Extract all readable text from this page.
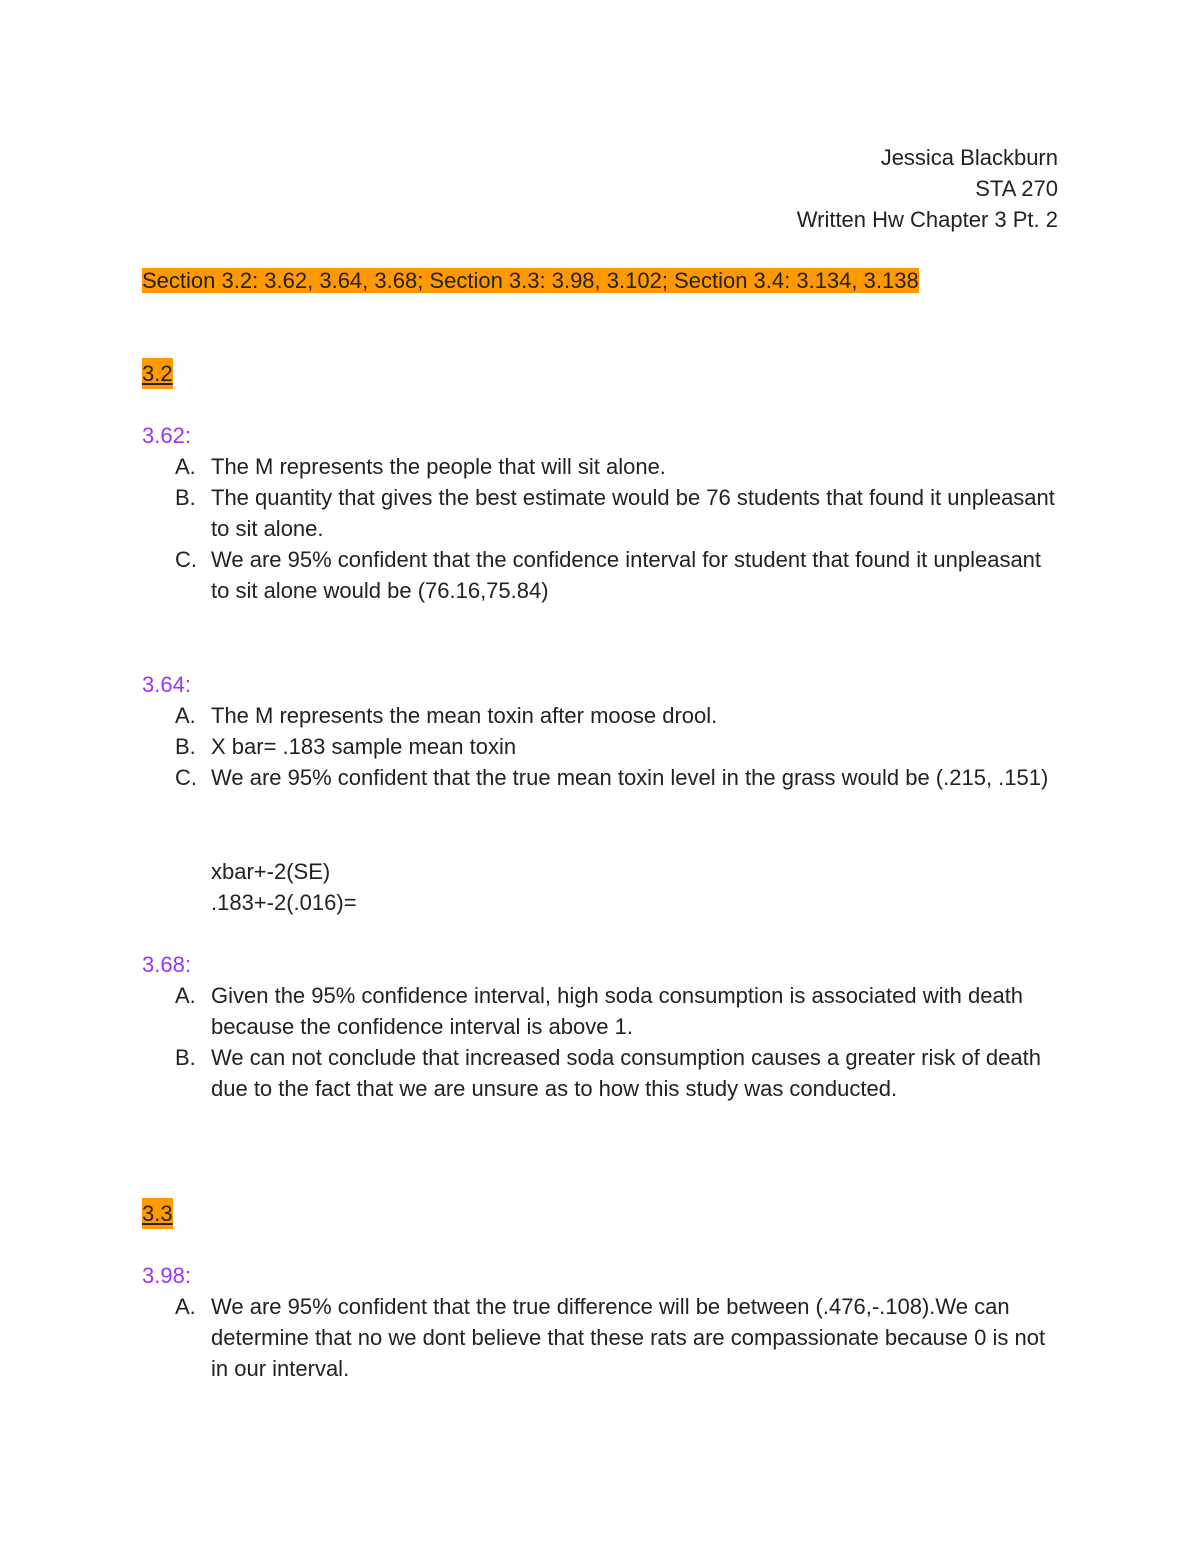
Jessica Blackburn
STA 270
Written Hw Chapter 3 Pt. 2
Section 3.2: 3.62, 3.64, 3.68; Section 3.3: 3.98, 3.102; Section 3.4: 3.134, 3.138
3.2
3.62:
A. The M represents the people that will sit alone.
B. The quantity that gives the best estimate would be 76 students that found it unpleasant to sit alone.
C. We are 95% confident that the confidence interval for student that found it unpleasant to sit alone would be (76.16,75.84)
3.64:
A. The M represents the mean toxin after moose drool.
B. X bar= .183 sample mean toxin
C. We are 95% confident that the true mean toxin level in the grass would be (.215, .151)
xbar+-2(SE)
.183+-2(.016)=
3.68:
A. Given the 95% confidence interval, high soda consumption is associated with death because the confidence interval is above 1.
B. We can not conclude that increased soda consumption causes a greater risk of death due to the fact that we are unsure as to how this study was conducted.
3.3
3.98:
A. We are 95% confident that the true difference will be between (.476,-.108).We can determine that no we dont believe that these rats are compassionate because 0 is not in our interval.
